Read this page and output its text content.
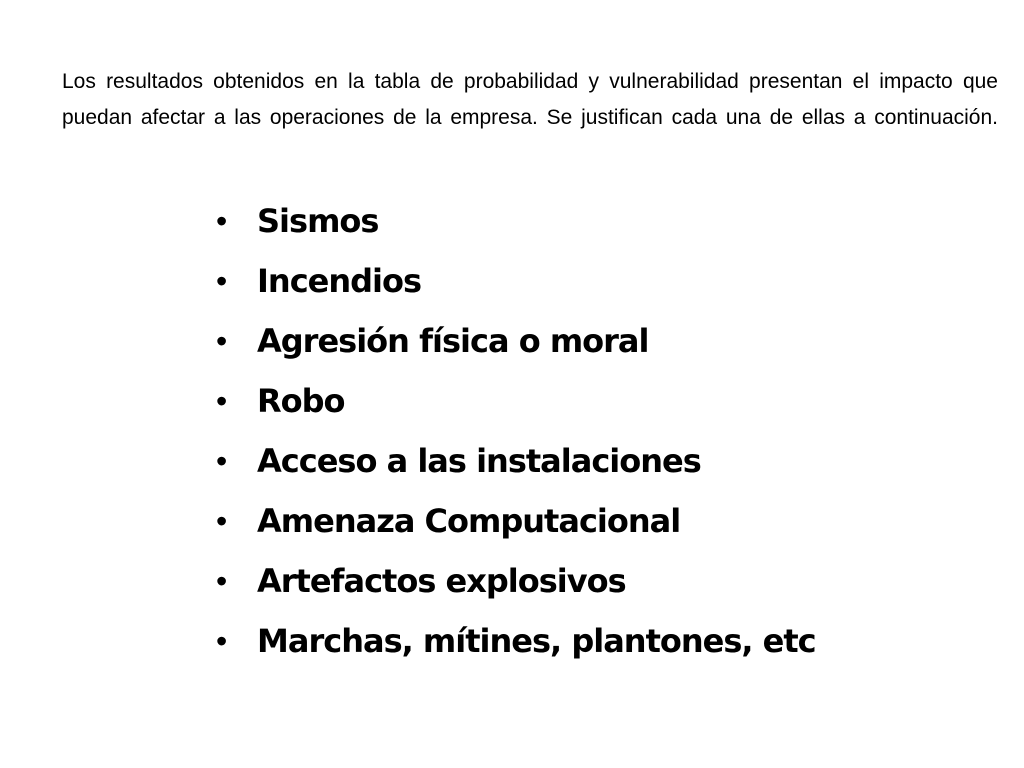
Los resultados obtenidos en la tabla de probabilidad y vulnerabilidad presentan el impacto que puedan afectar a las operaciones de la empresa. Se justifican cada una de ellas a continuación.

• Sismos
• Incendios
• Agresión física o moral
• Robo
• Acceso a las instalaciones
• Amenaza Computacional
• Artefactos explosivos
• Marchas, mítines, plantones, etc
